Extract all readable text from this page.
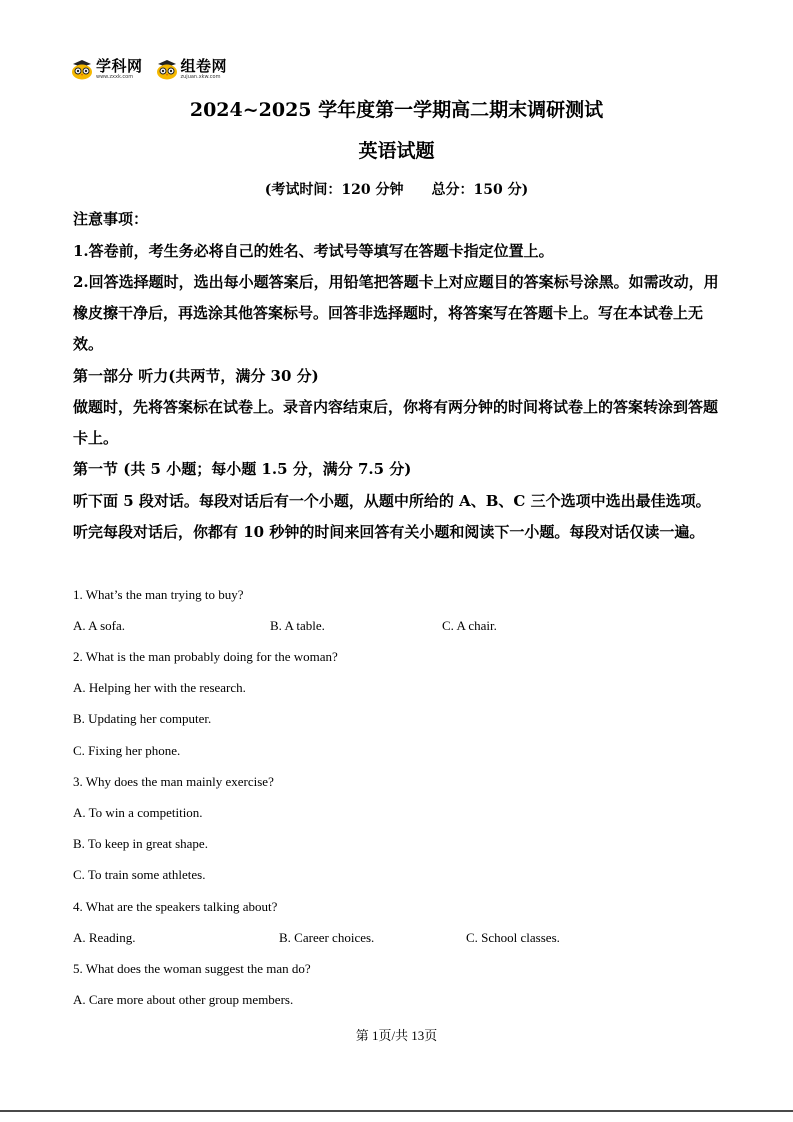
学科网
www.zxxk.com
组卷网
zujuan.xkw.com
2024~2025 学年度第一学期高二期末调研测试
英语试题
(考试时间：120 分钟 总分：150 分)
注意事项：
1.答卷前，考生务必将自己的姓名、考试号等填写在答题卡指定位置上。
2.回答选择题时，选出每小题答案后，用铅笔把答题卡上对应题目的答案标号涂黑。如需改动，用橡皮擦干净后，再选涂其他答案标号。回答非选择题时，将答案写在答题卡上。写在本试卷上无效。
第一部分 听力(共两节，满分 30 分)
做题时，先将答案标在试卷上。录音内容结束后，你将有两分钟的时间将试卷上的答案转涂到答题卡上。
第一节 (共 5 小题；每小题 1.5 分，满分 7.5 分)
听下面 5 段对话。每段对话后有一个小题，从题中所给的 A、B、C 三个选项中选出最佳选项。听完每段对话后，你都有 10 秒钟的时间来回答有关小题和阅读下一小题。每段对话仅读一遍。
1. What’s the man trying to buy?
A. A sofa.	B. A table.	C. A chair.
2. What is the man probably doing for the woman?
A. Helping her with the research.
B. Updating her computer.
C. Fixing her phone.
3. Why does the man mainly exercise?
A. To win a competition.
B. To keep in great shape.
C. To train some athletes.
4. What are the speakers talking about?
A. Reading.	B. Career choices.	C. School classes.
5. What does the woman suggest the man do?
A. Care more about other group members.
第 1页/共 13页
